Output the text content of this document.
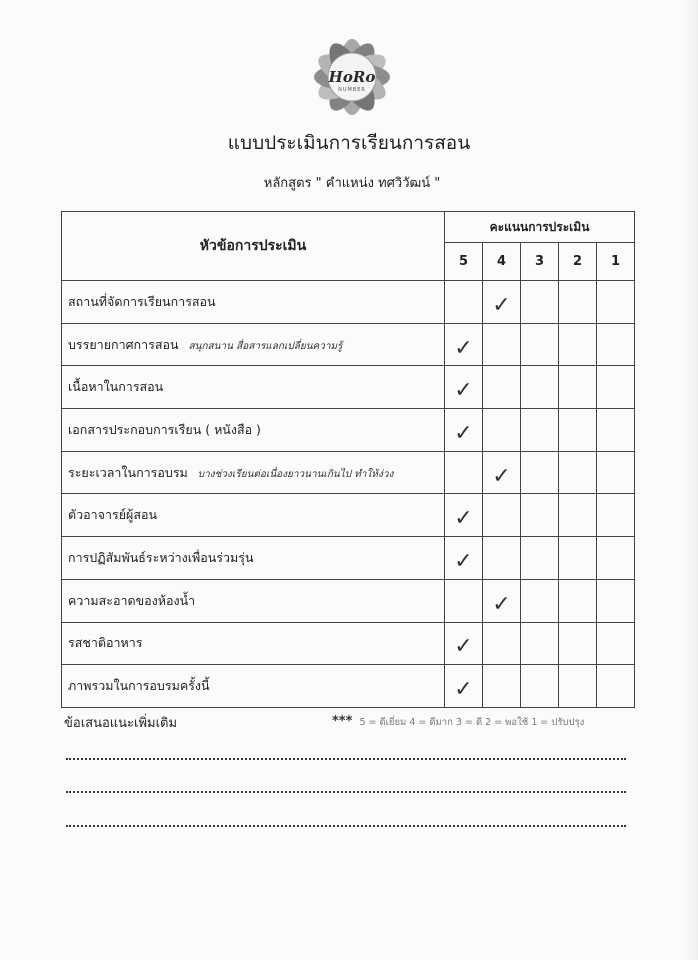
HoRo
NUMBER
แบบประเมินการเรียนการสอน
หลักสูตร " คำแหน่ง ทศวิวัฒน์ "
หัวข้อการประเมิน	คะแนนการประเมิน				
	5	4	3	2	1
สถานที่จัดการเรียนการสอน		✓			
บรรยายกาศการสอน สนุกสนาน สื่อสารแลกเปลี่ยนความรู้	✓				
เนื้อหาในการสอน	✓				
เอกสารประกอบการเรียน ( หนังสือ )	✓				
ระยะเวลาในการอบรม บางช่วงเรียนต่อเนื่องยาวนานเกินไป ทำให้ง่วง		✓			
ตัวอาจารย์ผู้สอน	✓				
การปฏิสัมพันธ์ระหว่างเพื่อนร่วมรุ่น	✓				
ความสะอาดของห้องน้ำ		✓			
รสชาติอาหาร	✓				
ภาพรวมในการอบรมครั้งนี้	✓				
ข้อเสนอแนะเพิ่มเติม	*** 5 = ดีเยี่ยม 4 = ดีมาก 3 = ดี 2 = พอใช้ 1 = ปรับปรุง
